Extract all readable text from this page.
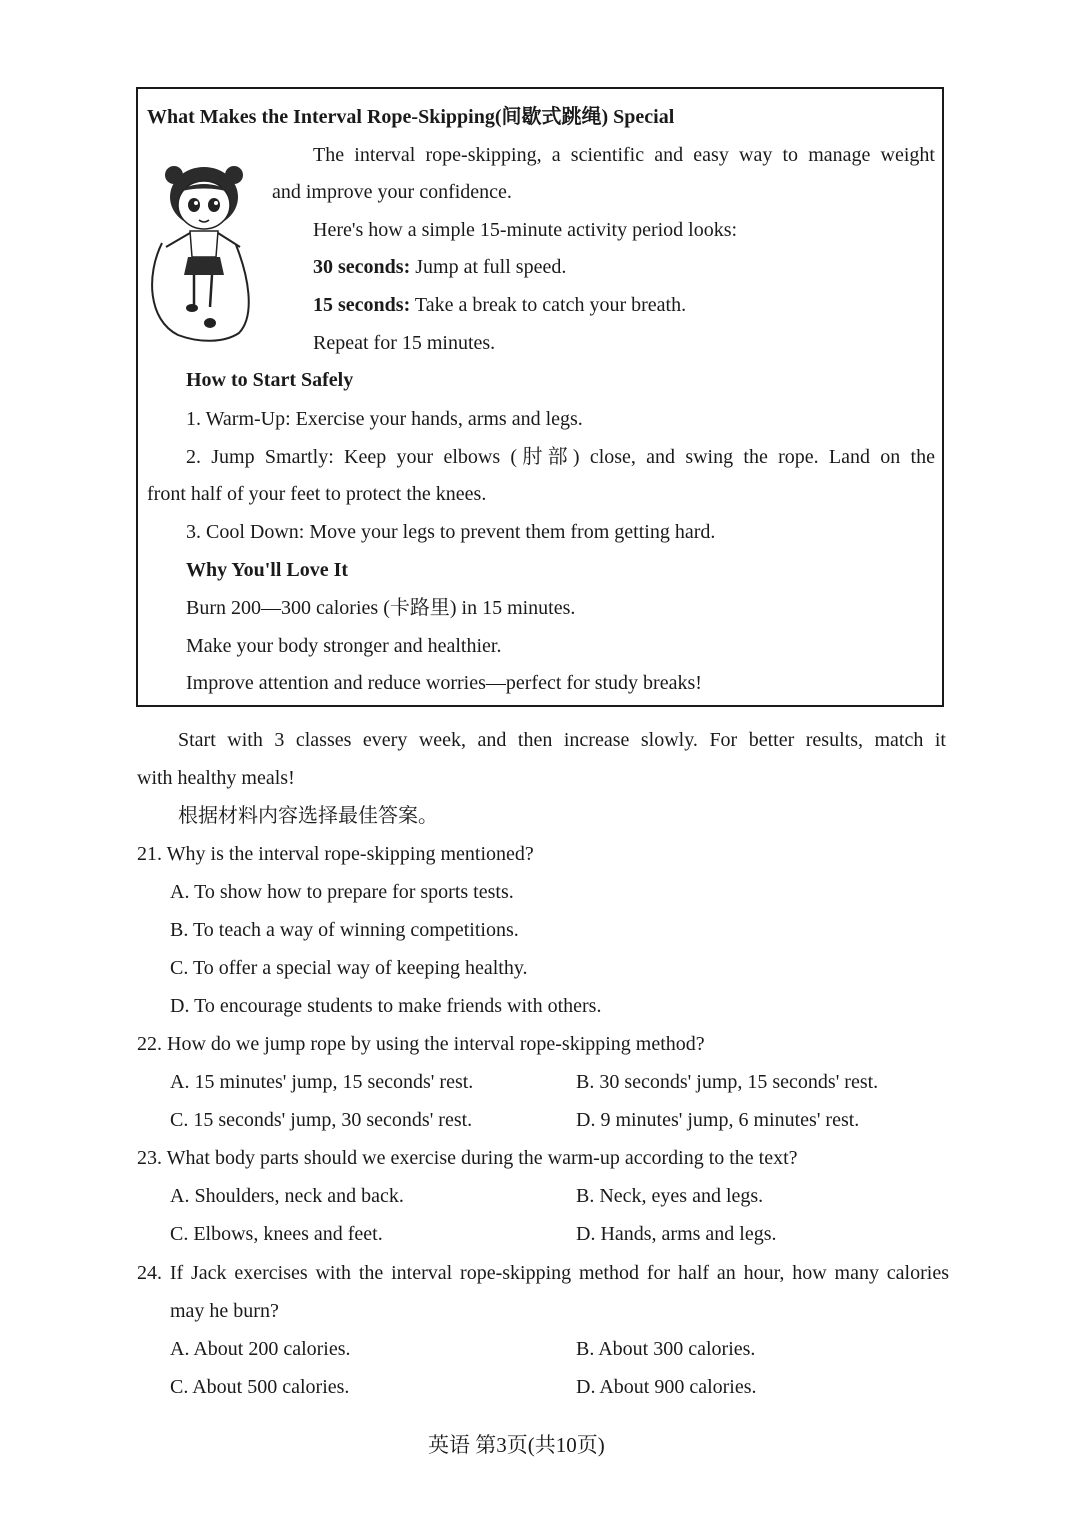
What Makes the Interval Rope-Skipping(间歇式跳绳) Special
The interval rope-skipping, a scientific and easy way to manage weight
and improve your confidence.
Here's how a simple 15-minute activity period looks:
30 seconds: Jump at full speed.
15 seconds: Take a break to catch your breath.
Repeat for 15 minutes.
How to Start Safely
1. Warm-Up: Exercise your hands, arms and legs.
2. Jump Smartly: Keep your elbows (肘部) close, and swing the rope. Land on the
front half of your feet to protect the knees.
3. Cool Down: Move your legs to prevent them from getting hard.
Why You'll Love It
Burn 200—300 calories (卡路里) in 15 minutes.
Make your body stronger and healthier.
Improve attention and reduce worries—perfect for study breaks!
Start with 3 classes every week, and then increase slowly. For better results, match it
with healthy meals!
根据材料内容选择最佳答案。
21. Why is the interval rope-skipping mentioned?
A. To show how to prepare for sports tests.
B. To teach a way of winning competitions.
C. To offer a special way of keeping healthy.
D. To encourage students to make friends with others.
22. How do we jump rope by using the interval rope-skipping method?
A. 15 minutes' jump, 15 seconds' rest.	B. 30 seconds' jump, 15 seconds' rest.
C. 15 seconds' jump, 30 seconds' rest.	D. 9 minutes' jump, 6 minutes' rest.
23. What body parts should we exercise during the warm-up according to the text?
A. Shoulders, neck and back.	B. Neck, eyes and legs.
C. Elbows, knees and feet.	D. Hands, arms and legs.
24. If Jack exercises with the interval rope-skipping method for half an hour, how many calories
may he burn?
A. About 200 calories.	B. About 300 calories.
C. About 500 calories.	D. About 900 calories.
英语 第3页(共10页)
